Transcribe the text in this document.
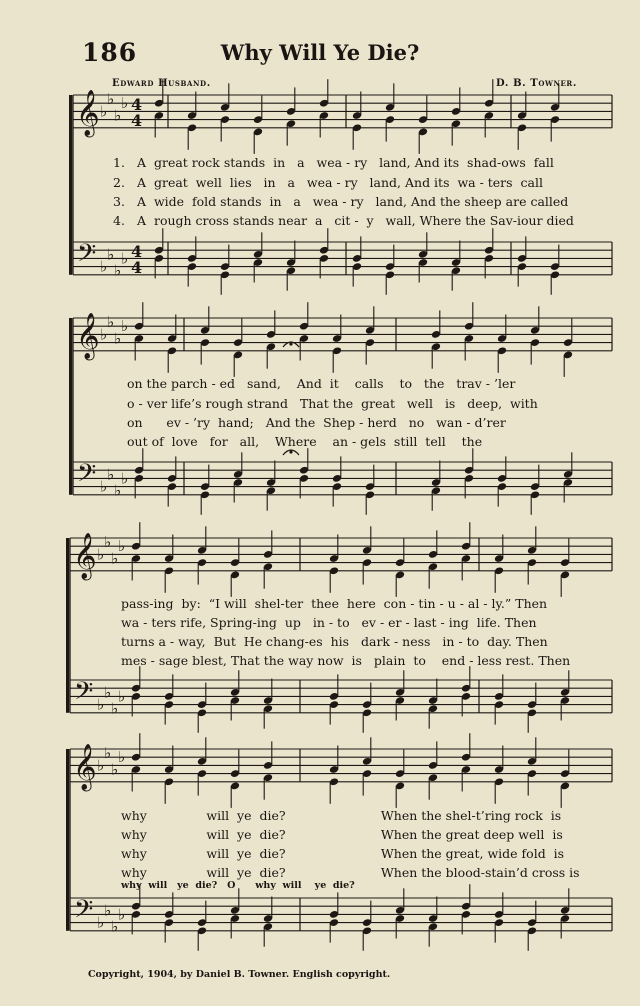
186	Why Will Ye Die?
Edward Husband.	D. B. Towner.
𝄞
𝄢
♭
♭
♭
♭
♭
♭
♭
♭
4
4
4
4
𝄞
𝄢
♭
♭
♭
♭
♭
♭
♭
♭
𝄞
𝄢
♭
♭
♭
♭
♭
♭
♭
♭
𝄞
𝄢
♭
♭
♭
♭
♭
♭
♭
♭
1.
2.
3.
4.
A  great rock stands  in   a   wea - ry   land, And its  shad-ows  fall
A  great  well  lies   in   a   wea - ry   land, And its  wa - ters  call
A  wide  fold stands  in   a   wea - ry   land, And the sheep are called
A  rough cross stands near  a   cit -  y   wall, Where the Sav-iour died
on the parch - ed   sand,    And  it    calls    to   the   trav - ’ler
o - ver life’s rough strand   That the  great   well   is   deep,  with
on      ev - ’ry  hand;   And the  Shep - herd   no   wan - d’rer
out of  love   for   all,    Where    an - gels  still  tell    the
pass-ing  by:  “I will  shel-ter  thee  here  con - tin - u - al - ly.” Then
wa - ters rife, Spring-ing  up   in - to   ev - er - last - ing  life. Then
turns a - way,  But  He chang-es  his   dark - ness   in - to  day. Then
mes - sage blest, That the way now  is   plain  to    end - less rest. Then
why               will  ye  die?                        When the shel-t’ring rock  is
why               will  ye  die?                        When the great deep well  is
why               will  ye  die?                        When the great, wide fold  is
why               will  ye  die?                        When the blood-stain’d cross is
why  will   ye  die?   O      why  will    ye  die?
Copyright, 1904, by Daniel B. Towner. English copyright.
